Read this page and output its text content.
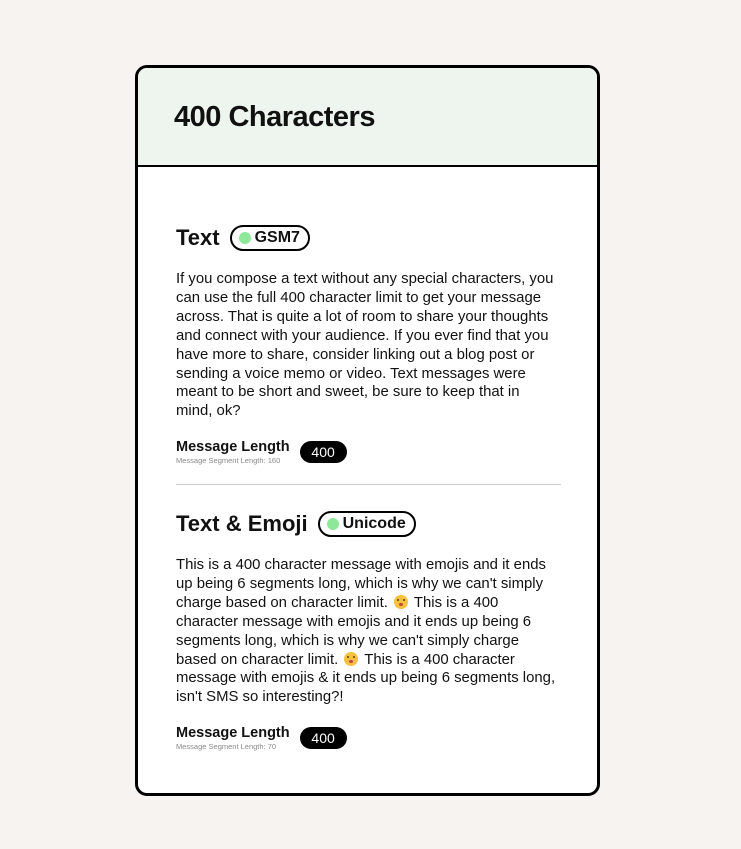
400 Characters
Text GSM7

If you compose a text without any special characters, you can use the full 400 character limit to get your message across. That is quite a lot of room to share your thoughts and connect with your audience. If you ever find that you have more to share, consider linking out a blog post or sending a voice memo or video. Text messages were meant to be short and sweet, be sure to keep that in mind, ok?

Message Length
Message Segment Length: 160
400
Text & Emoji Unicode

This is a 400 character message with emojis and it ends up being 6 segments long, which is why we can't simply charge based on character limit.  This is a 400 character message with emojis and it ends up being 6 segments long, which is why we can't simply charge based on character limit.  This is a 400 character message with emojis & it ends up being 6 segments long, isn't SMS so interesting?!

Message Length
Message Segment Length: 70
400
